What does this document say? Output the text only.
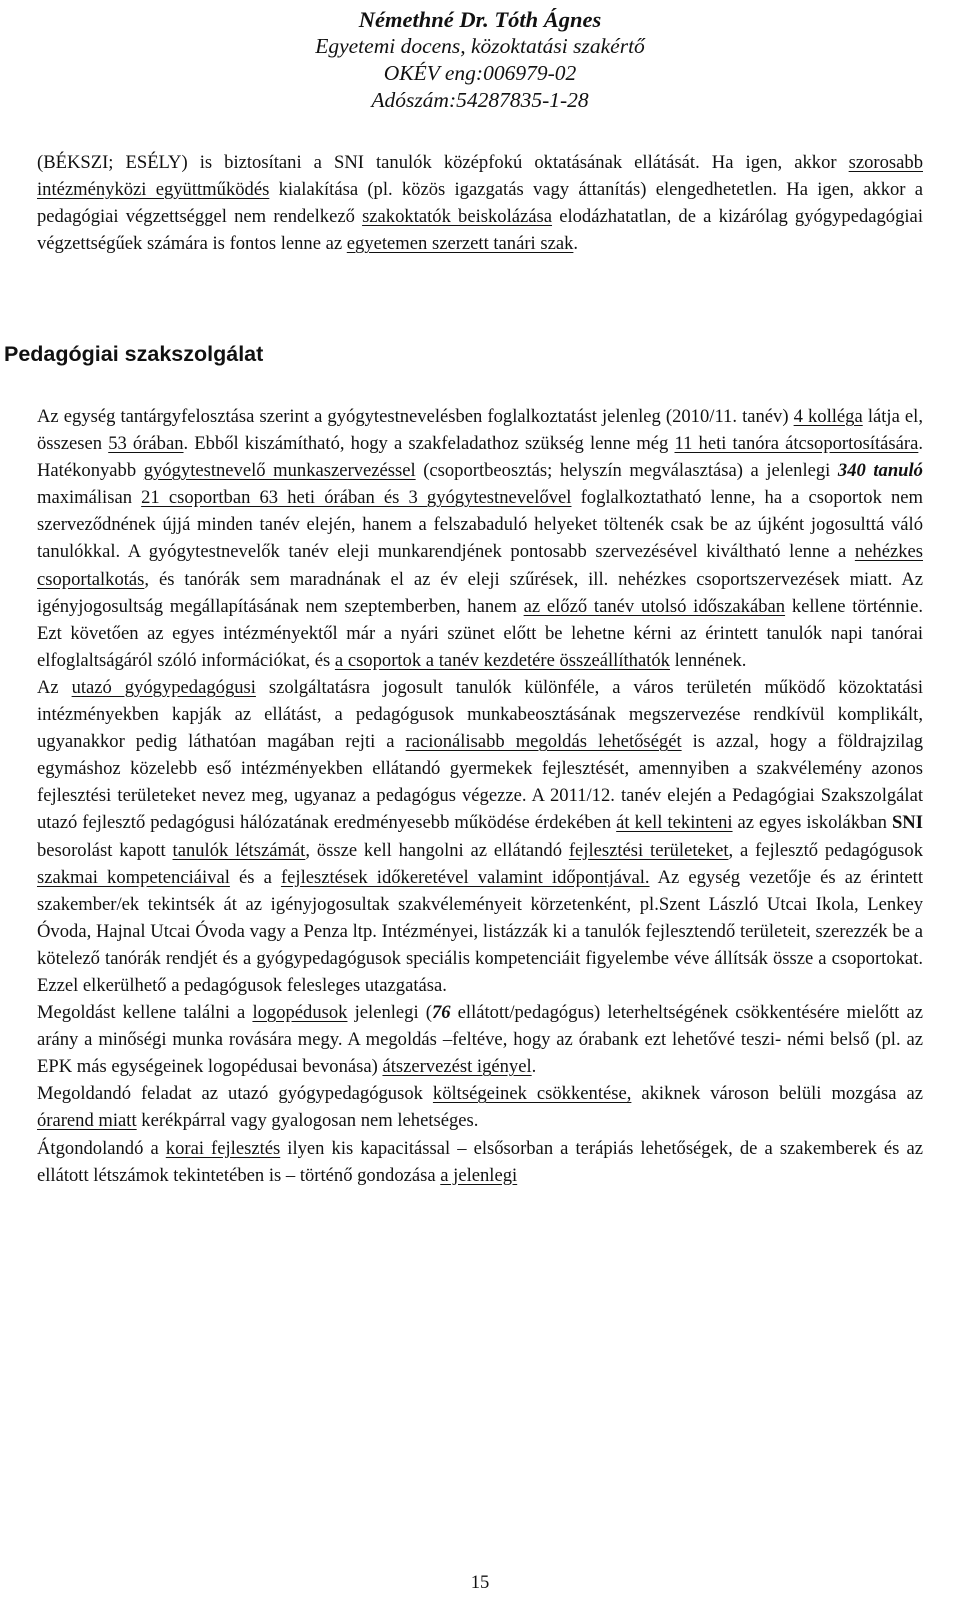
Némethné Dr. Tóth Ágnes
Egyetemi docens, közoktatási szakértő
OKÉV eng:006979-02
Adószám:54287835-1-28

(BÉKSZI; ESÉLY) is biztosítani a SNI tanulók középfokú oktatásának ellátását. Ha igen, akkor szorosabb intézményközi együttműködés kialakítása (pl. közös igazgatás vagy áttanítás) elengedhetetlen. Ha igen, akkor a pedagógiai végzettséggel nem rendelkező szakoktatók beiskolázása elodázhatatlan, de a kizárólag gyógypedagógiai végzettségűek számára is fontos lenne az egyetemen szerzett tanári szak.

Pedagógiai szakszolgálat

Az egység tantárgyfelosztása szerint a gyógytestnevelésben foglalkoztatást jelenleg (2010/11. tanév) 4 kolléga látja el, összesen 53 órában. Ebből kiszámítható, hogy a szakfeladathoz szükség lenne még 11 heti tanóra átcsoportosítására. Hatékonyabb gyógytestnevelő munkaszervezéssel (csoportbeosztás; helyszín megválasztása) a jelenlegi 340 tanuló maximálisan 21 csoportban 63 heti órában és 3 gyógytestnevelővel foglalkoztatható lenne, ha a csoportok nem szerveződnének újjá minden tanév elején, hanem a felszabaduló helyeket töltenék csak be az újként jogosulttá váló tanulókkal. A gyógytestnevelők tanév eleji munkarendjének pontosabb szervezésével kiváltható lenne a nehézkes csoportalkotás, és tanórák sem maradnának el az év eleji szűrések, ill. nehézkes csoportszervezések miatt. Az igényjogosultság megállapításának nem szeptemberben, hanem az előző tanév utolsó időszakában kellene történnie. Ezt követően az egyes intézményektől már a nyári szünet előtt be lehetne kérni az érintett tanulók napi tanórai elfoglaltságáról szóló információkat, és a csoportok a tanév kezdetére összeállíthatók lennének.

Az utazó gyógypedagógusi szolgáltatásra jogosult tanulók különféle, a város területén működő közoktatási intézményekben kapják az ellátást, a pedagógusok munkabeosztásának megszervezése rendkívül komplikált, ugyanakkor pedig láthatóan magában rejti a racionálisabb megoldás lehetőségét is azzal, hogy a földrajzilag egymáshoz közelebb eső intézményekben ellátandó gyermekek fejlesztését, amennyiben a szakvélemény azonos fejlesztési területeket nevez meg, ugyanaz a pedagógus végezze. A 2011/12. tanév elején a Pedagógiai Szakszolgálat utazó fejlesztő pedagógusi hálózatának eredményesebb működése érdekében át kell tekinteni az egyes iskolákban SNI besorolást kapott tanulók létszámát, össze kell hangolni az ellátandó fejlesztési területeket, a fejlesztő pedagógusok szakmai kompetenciáival és a fejlesztések időkeretével valamint időpontjával. Az egység vezetője és az érintett szakember/ek tekintsék át az igényjogosultak szakvéleményeit körzetenként, pl.Szent László Utcai Ikola, Lenkey Óvoda, Hajnal Utcai Óvoda vagy a Penza ltp. Intézményei, listázzák ki a tanulók fejlesztendő területeit, szerezzék be a kötelező tanórák rendjét és a gyógypedagógusok speciális kompetenciáit figyelembe véve állítsák össze a csoportokat. Ezzel elkerülhető a pedagógusok felesleges utazgatása.

Megoldást kellene találni a logopédusok jelenlegi (76 ellátott/pedagógus) leterheltségének csökkentésére mielőtt az arány a minőségi munka rovására megy. A megoldás –feltéve, hogy az órabank ezt lehetővé teszi- némi belső (pl. az EPK más egységeinek logopédusai bevonása) átszervezést igényel.

Megoldandó feladat az utazó gyógypedagógusok költségeinek csökkentése, akiknek városon belüli mozgása az órarend miatt kerékpárral vagy gyalogosan nem lehetséges.

Átgondolandó a korai fejlesztés ilyen kis kapacitással – elsősorban a terápiás lehetőségek, de a szakemberek és az ellátott létszámok tekintetében is – történő gondozása a jelenlegi

15
